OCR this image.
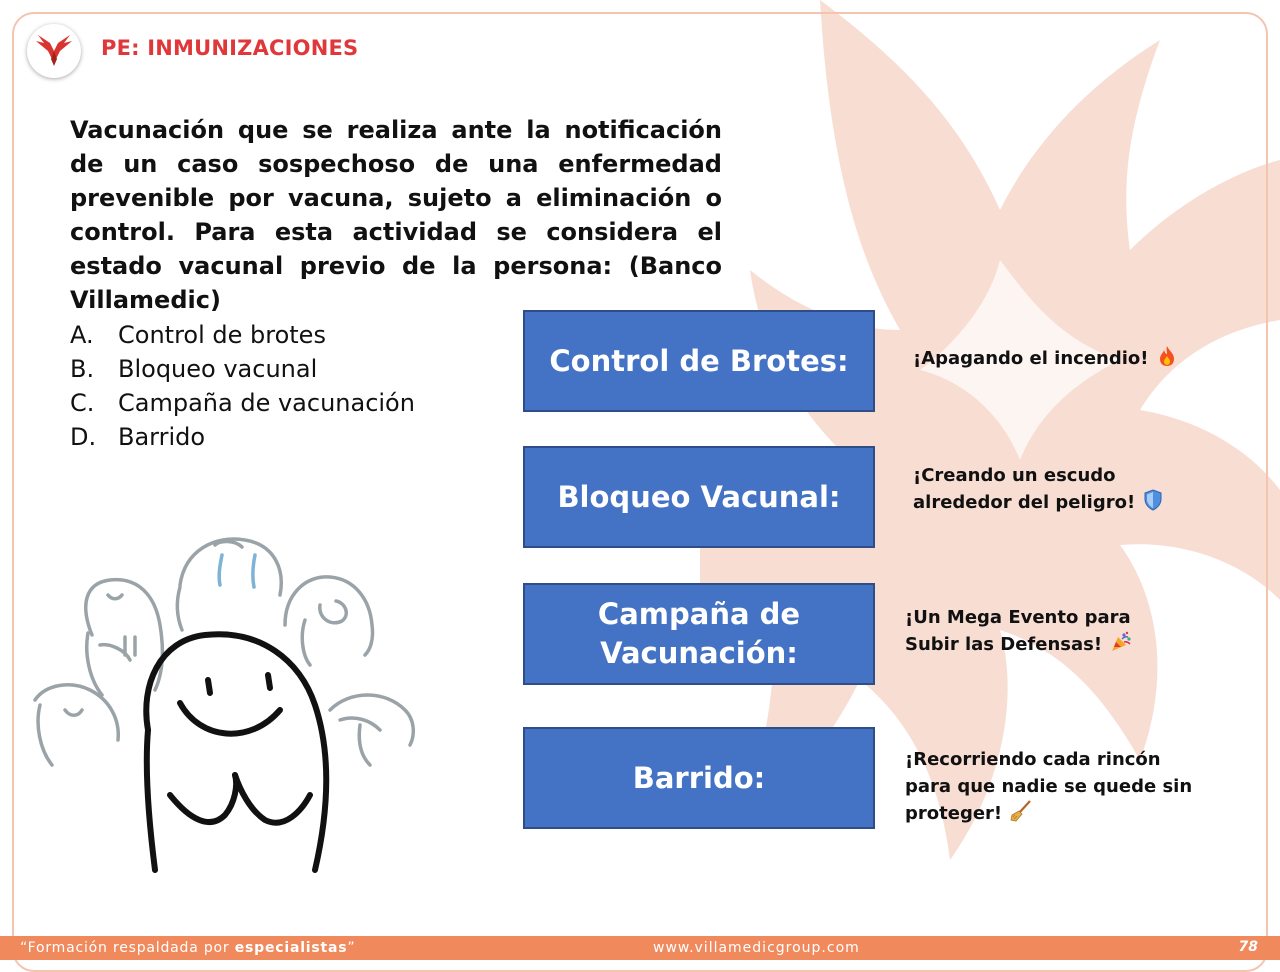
PE: INMUNIZACIONES
Vacunación que se realiza ante la notificación de un caso sospechoso de una enfermedad prevenible por vacuna, sujeto a eliminación o control. Para esta actividad se considera el estado vacunal previo de la persona: (Banco Villamedic)
A.	Control de brotes
B. Bloqueo vacunal
C. Campaña de vacunación
D. Barrido
Control de Brotes:	¡Apagando el incendio!
Bloqueo Vacunal:
¡Creando un escudo
alrededor del peligro!
Campaña de Vacunación:
¡Un Mega Evento para
Subir las Defensas!
Barrido:
¡Recorriendo cada rincón
para que nadie se quede sin
proteger!
“Formación respaldada por especialistas”	www.villamedicgroup.com	78
